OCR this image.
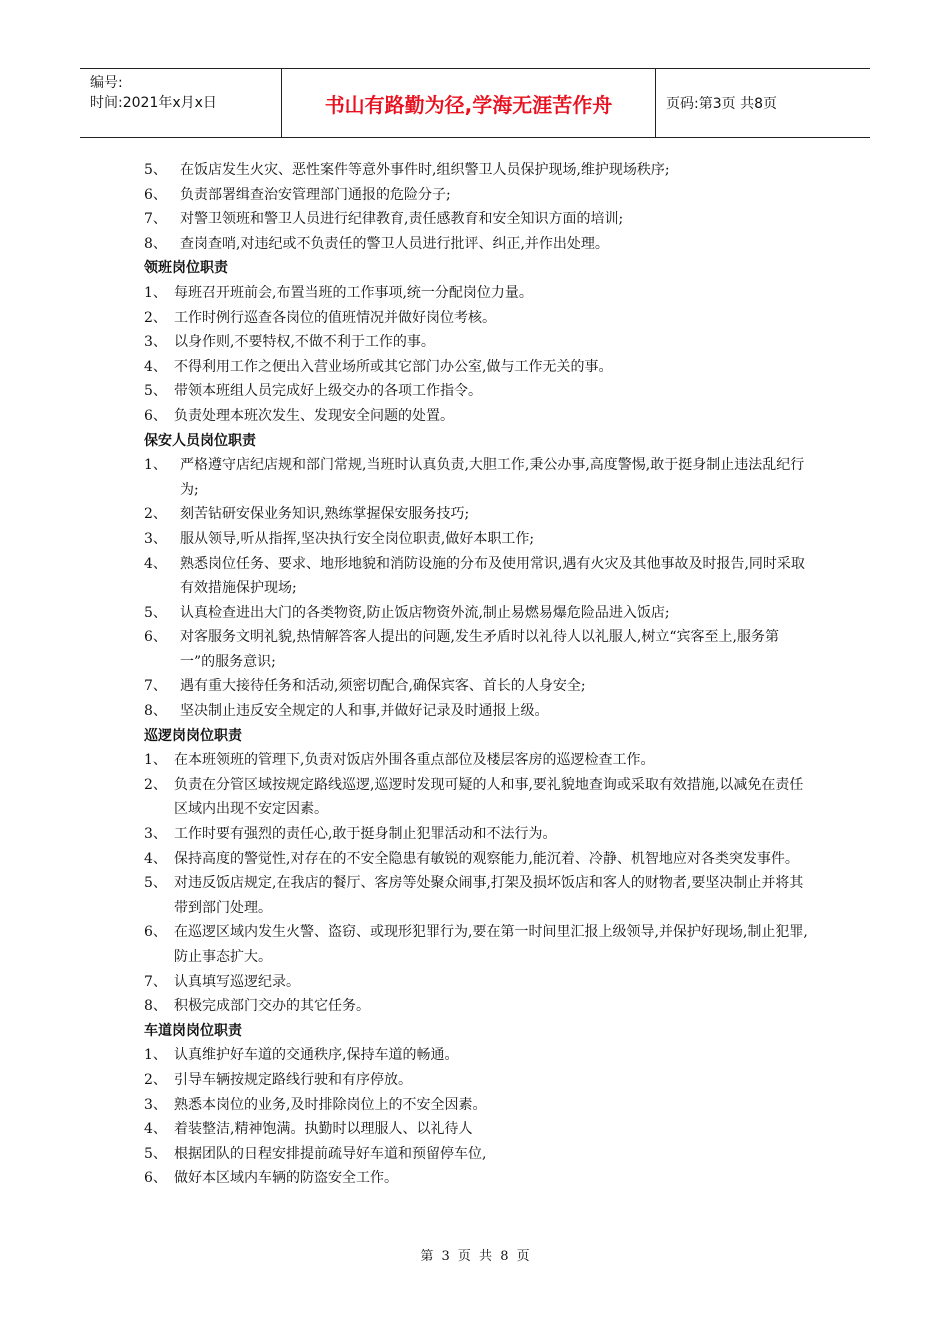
编号:
时间:2021年x月x日	书山有路勤为径,学海无涯苦作舟	页码:第3页 共8页
5、 在饭店发生火灾、恶性案件等意外事件时,组织警卫人员保护现场,维护现场秩序;
6、 负责部署缉查治安管理部门通报的危险分子;
7、 对警卫领班和警卫人员进行纪律教育,责任感教育和安全知识方面的培训;
8、 查岗查哨,对违纪或不负责任的警卫人员进行批评、纠正,并作出处理。
领班岗位职责
1、 每班召开班前会,布置当班的工作事项,统一分配岗位力量。
2、 工作时例行巡查各岗位的值班情况并做好岗位考核。
3、 以身作则,不要特权,不做不利于工作的事。
4、 不得利用工作之便出入营业场所或其它部门办公室,做与工作无关的事。
5、 带领本班组人员完成好上级交办的各项工作指令。
6、 负责处理本班次发生、发现安全问题的处置。
保安人员岗位职责
1、 严格遵守店纪店规和部门常规,当班时认真负责,大胆工作,秉公办事,高度警惕,敢于挺身制止违法乱纪行为;
2、 刻苦钻研安保业务知识,熟练掌握保安服务技巧;
3、 服从领导,听从指挥,坚决执行安全岗位职责,做好本职工作;
4、 熟悉岗位任务、要求、地形地貌和消防设施的分布及使用常识,遇有火灾及其他事故及时报告,同时采取有效措施保护现场;
5、 认真检查进出大门的各类物资,防止饭店物资外流,制止易燃易爆危险品进入饭店;
6、 对客服务文明礼貌,热情解答客人提出的问题,发生矛盾时以礼待人以礼服人,树立“宾客至上,服务第一”的服务意识;
7、 遇有重大接待任务和活动,须密切配合,确保宾客、首长的人身安全;
8、 坚决制止违反安全规定的人和事,并做好记录及时通报上级。
巡逻岗岗位职责
1、 在本班领班的管理下,负责对饭店外围各重点部位及楼层客房的巡逻检查工作。
2、 负责在分管区域按规定路线巡逻,巡逻时发现可疑的人和事,要礼貌地查询或采取有效措施,以减免在责任区域内出现不安定因素。
3、 工作时要有强烈的责任心,敢于挺身制止犯罪活动和不法行为。
4、 保持高度的警觉性,对存在的不安全隐患有敏锐的观察能力,能沉着、冷静、机智地应对各类突发事件。
5、 对违反饭店规定,在我店的餐厅、客房等处聚众闹事,打架及损坏饭店和客人的财物者,要坚决制止并将其带到部门处理。
6、 在巡逻区域内发生火警、盗窃、或现形犯罪行为,要在第一时间里汇报上级领导,并保护好现场,制止犯罪,防止事态扩大。
7、 认真填写巡逻纪录。
8、 积极完成部门交办的其它任务。
车道岗岗位职责
1、 认真维护好车道的交通秩序,保持车道的畅通。
2、 引导车辆按规定路线行驶和有序停放。
3、 熟悉本岗位的业务,及时排除岗位上的不安全因素。
4、 着装整洁,精神饱满。执勤时以理服人、以礼待人
5、 根据团队的日程安排提前疏导好车道和预留停车位,
6、 做好本区域内车辆的防盗安全工作。
第 3 页 共 8 页
